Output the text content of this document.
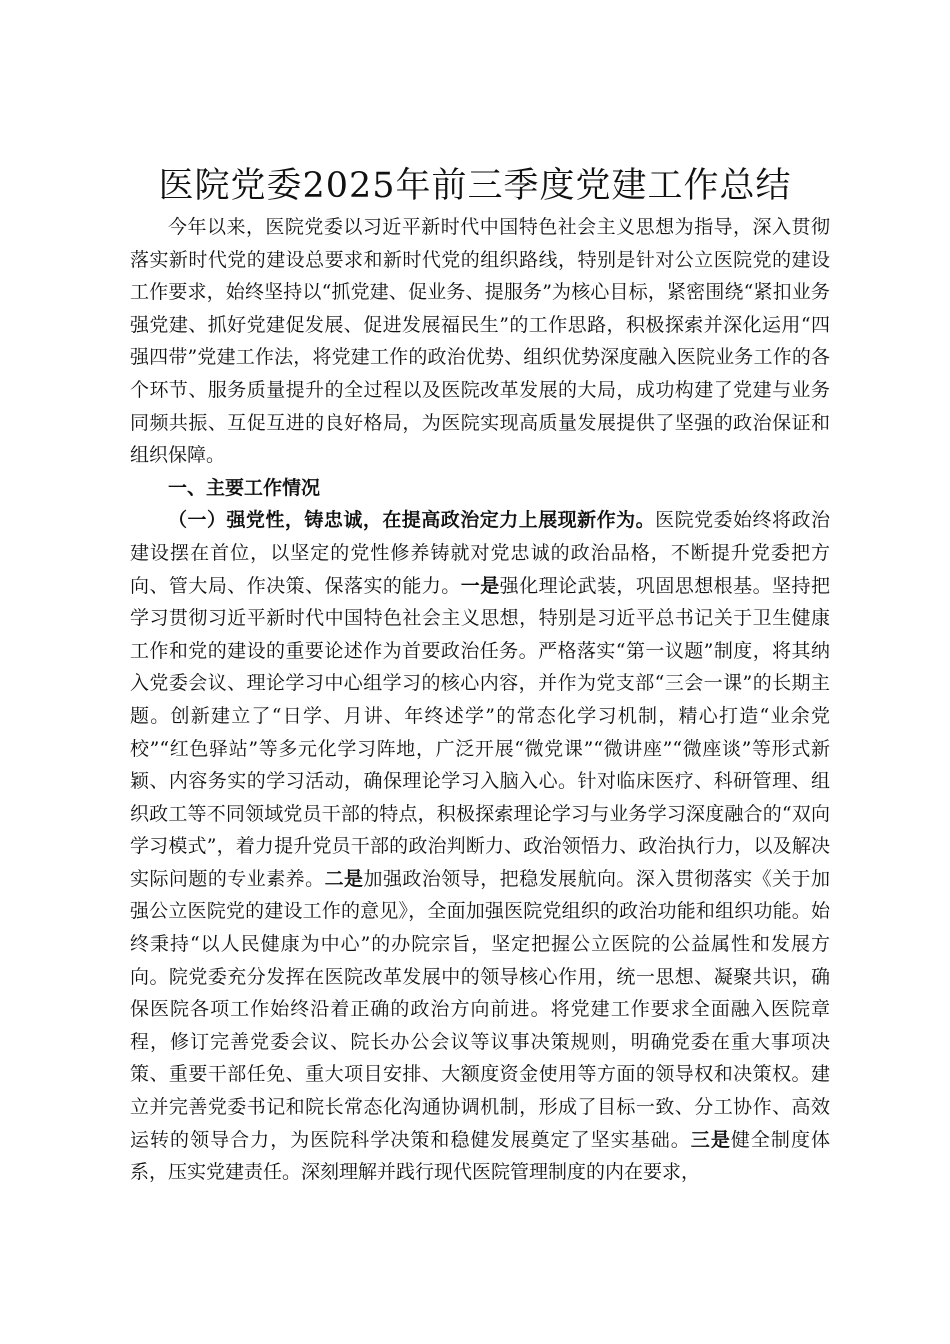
医院党委2025年前三季度党建工作总结

今年以来，医院党委以习近平新时代中国特色社会主义思想为指导，深入贯彻落实新时代党的建设总要求和新时代党的组织路线，特别是针对公立医院党的建设工作要求，始终坚持以“抓党建、促业务、提服务”为核心目标，紧密围绕“紧扣业务强党建、抓好党建促发展、促进发展福民生”的工作思路，积极探索并深化运用“四强四带”党建工作法，将党建工作的政治优势、组织优势深度融入医院业务工作的各个环节、服务质量提升的全过程以及医院改革发展的大局，成功构建了党建与业务同频共振、互促互进的良好格局，为医院实现高质量发展提供了坚强的政治保证和组织保障。

一、主要工作情况

（一）强党性，铸忠诚，在提高政治定力上展现新作为。医院党委始终将政治建设摆在首位，以坚定的党性修养铸就对党忠诚的政治品格，不断提升党委把方向、管大局、作决策、保落实的能力。一是强化理论武装，巩固思想根基。坚持把学习贯彻习近平新时代中国特色社会主义思想，特别是习近平总书记关于卫生健康工作和党的建设的重要论述作为首要政治任务。严格落实“第一议题”制度，将其纳入党委会议、理论学习中心组学习的核心内容，并作为党支部“三会一课”的长期主题。创新建立了“日学、月讲、年终述学”的常态化学习机制，精心打造“业余党校”“红色驿站”等多元化学习阵地，广泛开展“微党课”“微讲座”“微座谈”等形式新颖、内容务实的学习活动，确保理论学习入脑入心。针对临床医疗、科研管理、组织政工等不同领域党员干部的特点，积极探索理论学习与业务学习深度融合的“双向学习模式”，着力提升党员干部的政治判断力、政治领悟力、政治执行力，以及解决实际问题的专业素养。二是加强政治领导，把稳发展航向。深入贯彻落实《关于加强公立医院党的建设工作的意见》，全面加强医院党组织的政治功能和组织功能。始终秉持“以人民健康为中心”的办院宗旨，坚定把握公立医院的公益属性和发展方向。院党委充分发挥在医院改革发展中的领导核心作用，统一思想、凝聚共识，确保医院各项工作始终沿着正确的政治方向前进。将党建工作要求全面融入医院章程，修订完善党委会议、院长办公会议等议事决策规则，明确党委在重大事项决策、重要干部任免、重大项目安排、大额度资金使用等方面的领导权和决策权。建立并完善党委书记和院长常态化沟通协调机制，形成了目标一致、分工协作、高效运转的领导合力，为医院科学决策和稳健发展奠定了坚实基础。三是健全制度体系，压实党建责任。深刻理解并践行现代医院管理制度的内在要求，
